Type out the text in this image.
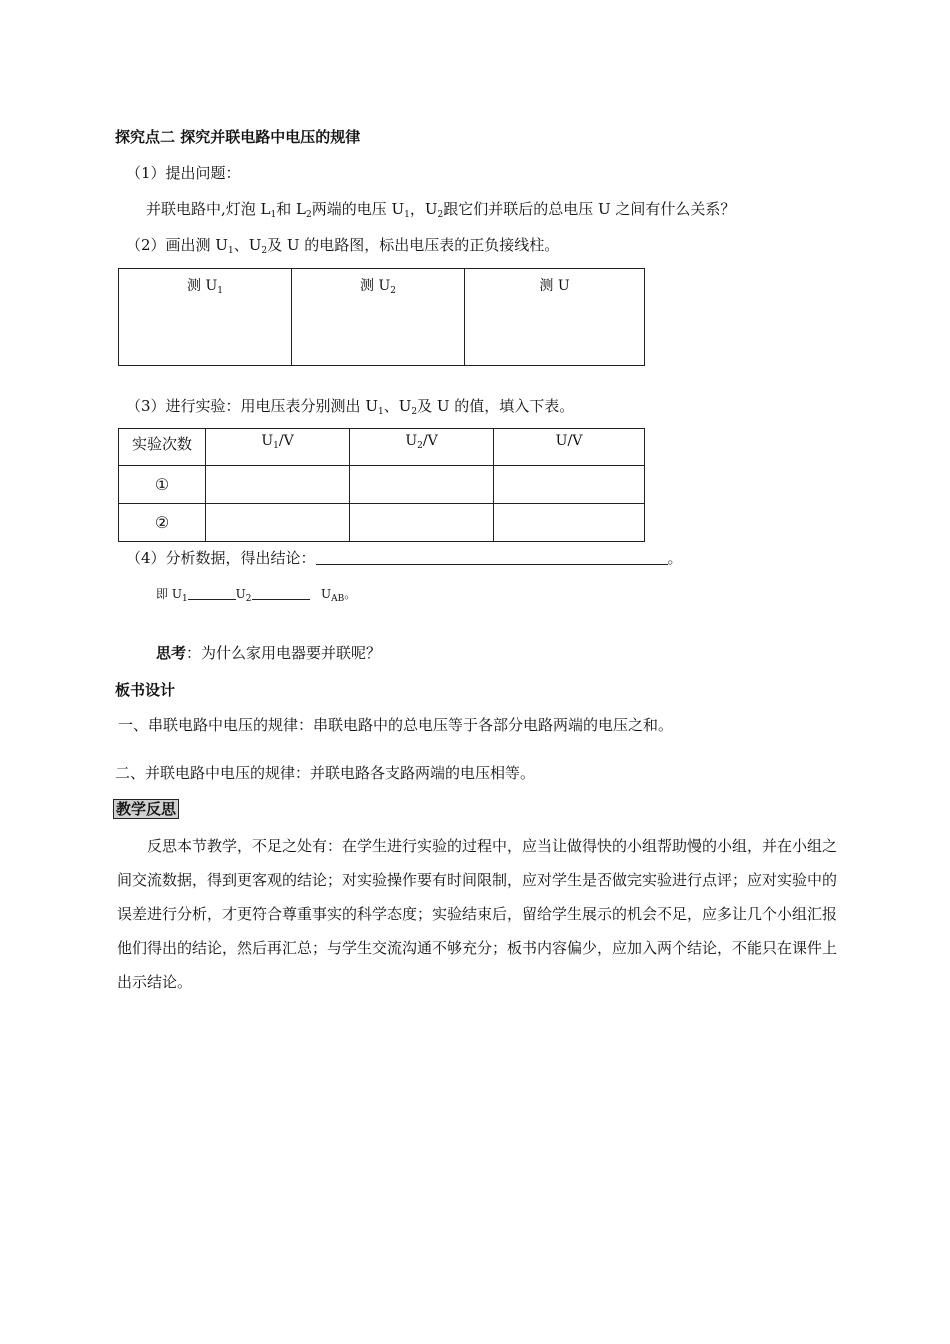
探究点二 探究并联电路中电压的规律
（1）提出问题：
并联电路中,灯泡 $L_1$和 $L_2$两端的电压 $U_1$，$U_2$跟它们并联后的总电压 U 之间有什么关系？
（2）画出测 $U_1$、$U_2$及 U 的电路图，标出电压表的正负接线柱。
测 $U_1$	测 $U_2$	测 U
（3）进行实验：用电压表分别测出 $U_1$、$U_2$及 U 的值，填入下表。
实验次数	$U_1/V$	$U_2/V$	U/V
①			
②			
（4）分析数据，得出结论：	。
即 $U_1$	$U_2$	$U_{AB}$。
思考：为什么家用电器要并联呢？
板书设计
一、串联电路中电压的规律：串联电路中的总电压等于各部分电路两端的电压之和。
二、并联电路中电压的规律：并联电路各支路两端的电压相等。
教学反思

反思本节教学，不足之处有：在学生进行实验的过程中，应当让做得快的小组帮助慢的小组，并在小组之间交流数据，得到更客观的结论；对实验操作要有时间限制，应对学生是否做完实验进行点评；应对实验中的误差进行分析，才更符合尊重事实的科学态度；实验结束后，留给学生展示的机会不足，应多让几个小组汇报他们得出的结论，然后再汇总；与学生交流沟通不够充分；板书内容偏少，应加入两个结论，不能只在课件上出示结论。
